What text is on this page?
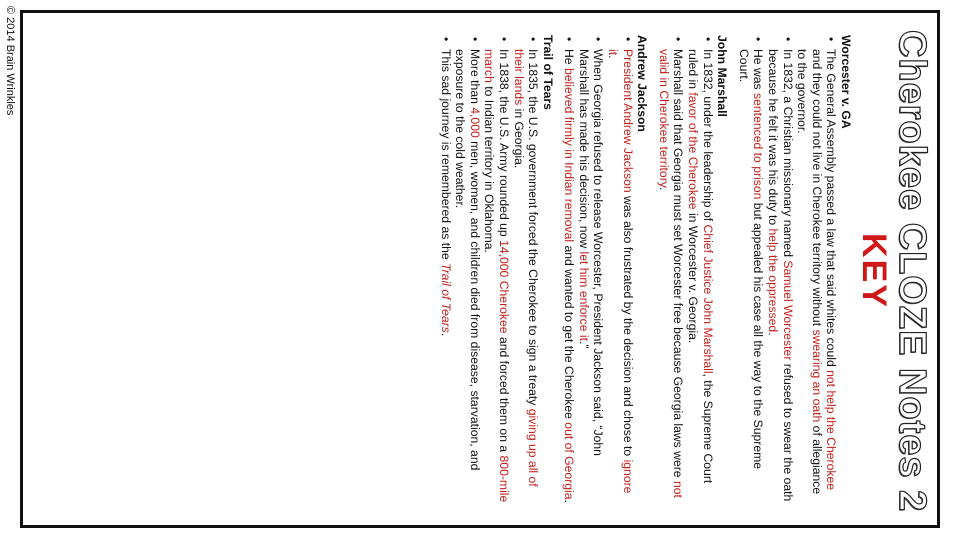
© 2014 Brain Wrinkles	Cherokee CLOZE Notes 2
KEY
Worcester v. GA
• The General Assembly passed a law that said whites could not help the Cherokee and they could not live in Cherokee territory without swearing an oath of allegiance to the governor.
• In 1832, a Christian missionary named Samuel Worcester refused to swear the oath because he felt it was his duty to help the oppressed.
• He was sentenced to prison but appealed his case all the way to the Supreme Court.
John Marshall
• In 1832, under the leadership of Chief Justice John Marshall, the Supreme Court ruled in favor of the Cherokee in Worcester v. Georgia.
• Marshall said that Georgia must set Worcester free because Georgia laws were not valid in Cherokee territory.
Andrew Jackson
• President Andrew Jackson was also frustrated by the decision and chose to ignore it.
• When Georgia refused to release Worcester, President Jackson said, “John Marshall has made his decision, now let him enforce it.”
• He believed firmly in Indian removal and wanted to get the Cherokee out of Georgia.
Trail of Tears
• In 1835, the U.S. government forced the Cherokee to sign a treaty giving up all of their lands in Georgia.
• In 1838, the U.S. Army rounded up 14,000 Cherokee and forced them on a 800-mile march to Indian territory in Oklahoma.
• More than 4,000 men, women, and children died from disease, starvation, and exposure to the cold weather.
• This sad journey is remembered as the Trail of Tears.
